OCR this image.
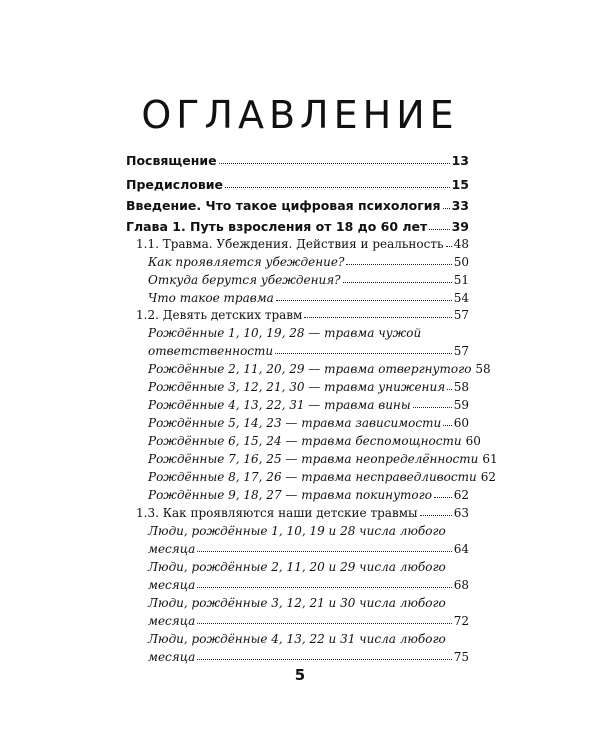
ОГЛАВЛЕНИЕ
Посвящение	13
Предисловие	15
Введение. Что такое цифровая психология 33
Глава 1. Путь взросления от 18 до 60 лет 39
1.1. Травма. Убеждения. Действия и реальность 48
Как проявляется убеждение?	50
Откуда берутся убеждения?	51
Что такое травма	54
1.2. Девять детских травм	57
Рождённые 1, 10, 19, 28 — травма чужой
ответственности	57
Рождённые 2, 11, 20, 29 — травма отвергнутого 58
Рождённые 3, 12, 21, 30 — травма унижения 58
Рождённые 4, 13, 22, 31 — травма вины	59
Рождённые 5, 14, 23 — травма зависимости 60
Рождённые 6, 15, 24 — травма беспомощности 60
Рождённые 7, 16, 25 — травма неопределённости 61
Рождённые 8, 17, 26 — травма несправедливости 62
Рождённые 9, 18, 27 — травма покинутого 62
1.3. Как проявляются наши детские травмы	63
Люди, рождённые 1, 10, 19 и 28 числа любого
месяца	64
Люди, рождённые 2, 11, 20 и 29 числа любого
месяца	68
Люди, рождённые 3, 12, 21 и 30 числа любого
месяца	72
Люди, рождённые 4, 13, 22 и 31 числа любого
месяца	75
5
